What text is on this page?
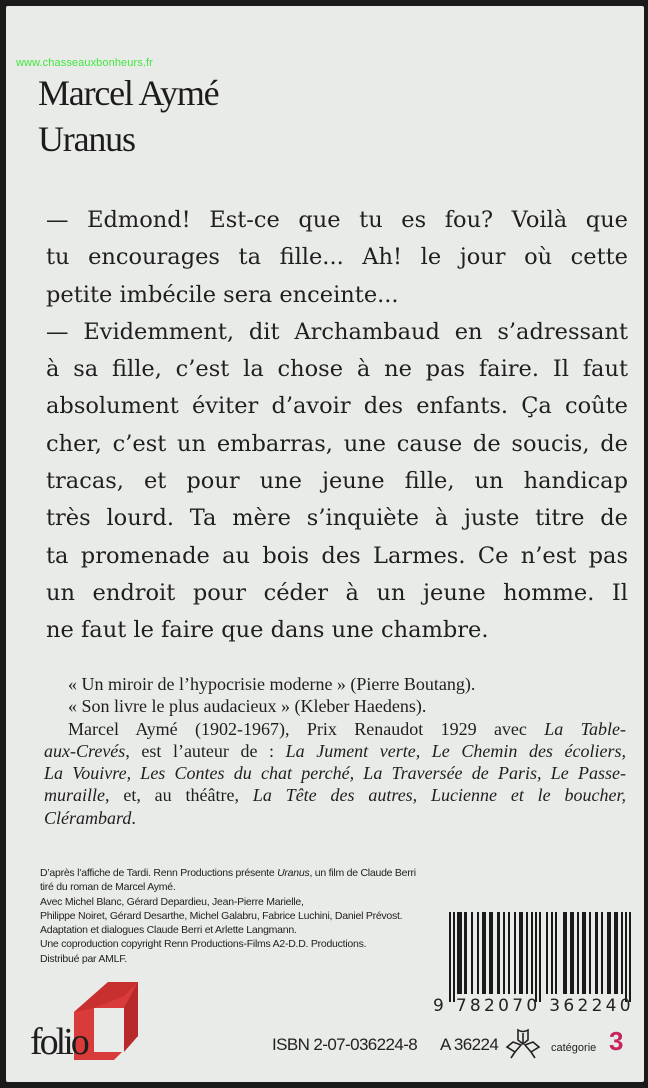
www.chasseauxbonheurs.fr
Marcel Aymé
Uranus
— Edmond! Est-ce que tu es fou? Voilà que
tu encourages ta fille... Ah! le jour où cette
petite imbécile sera enceinte...
— Evidemment, dit Archambaud en s’adressant
à sa fille, c’est la chose à ne pas faire. Il faut
absolument éviter d’avoir des enfants. Ça coûte
cher, c’est un embarras, une cause de soucis, de
tracas, et pour une jeune fille, un handicap
très lourd. Ta mère s’inquiète à juste titre de
ta promenade au bois des Larmes. Ce n’est pas
un endroit pour céder à un jeune homme. Il
ne faut le faire que dans une chambre.
« Un miroir de l’hypocrisie moderne » (Pierre Boutang).
« Son livre le plus audacieux » (Kleber Haedens).
Marcel Aymé (1902-1967), Prix Renaudot 1929 avec La Table-
aux-Crevés, est l’auteur de : La Jument verte, Le Chemin des écoliers,
La Vouivre, Les Contes du chat perché, La Traversée de Paris, Le Passe-
muraille, et, au théâtre, La Tête des autres, Lucienne et le boucher,
Clérambard.
D’après l’affiche de Tardi. Renn Productions présente Uranus, un film de Claude Berri
tiré du roman de Marcel Aymé.
Avec Michel Blanc, Gérard Depardieu, Jean-Pierre Marielle,
Philippe Noiret, Gérard Desarthe, Michel Galabru, Fabrice Luchini, Daniel Prévost.
Adaptation et dialogues Claude Berri et Arlette Langmann.
Une coproduction copyright Renn Productions-Films A2-D.D. Productions.
Distribué par AMLF.
9 782070 362240
folio	ISBN 2-07-036224-8 A 36224	catégorie 3
